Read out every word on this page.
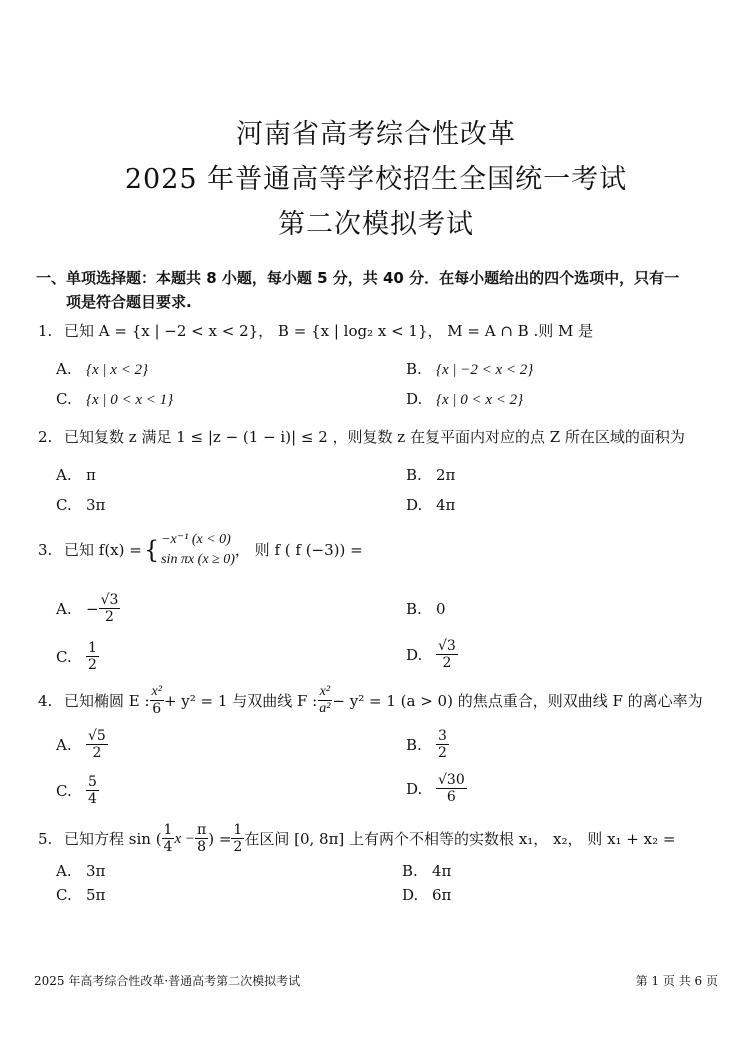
河南省高考综合性改革
2025 年普通高等学校招生全国统一考试
第二次模拟考试
一、单项选择题：本题共 8 小题，每小题 5 分，共 40 分．在每小题给出的四个选项中，只有一
项是符合题目要求.
1. 已知 A = {x | −2 < x < 2}， B = {x | log₂ x < 1}， M = A ∩ B .则 M 是
A. {x | x < 2}	B. {x | −2 < x < 2}
C. {x | 0 < x < 1}	D. {x | 0 < x < 2}
2. 已知复数 z 满足 1 ≤ |z − (1 − i)| ≤ 2 ，则复数 z 在复平面内对应的点 Z 所在区域的面积为
A. π	B. 2π
C. 3π	D. 4π
3. 已知 f(x) = { −x⁻¹ (x < 0)
sin πx (x ≥ 0)
， 则 f ( f (−3)) =
A. − $\frac{√3}{2}$	B. 0
C.	$\frac{1}{2}$	D. $\frac{√3}{2}$
4. 已知椭圆 E : $\frac{\text{x²}}{6} + y^2 = 1$ 与双曲线 F : $\frac{\text{x²}}{\text{a²}} - y^2 = 1$ (a > 0) 的焦点重合，则双曲线 F 的离心率为
A.	$\frac{√5}{2}$	B.	$\frac{3}{2}$
C.	$\frac{5}{4}$	D. $\frac{√30}{6}$
5. 已知方程 sin ( $\frac{1}{4}$ $x - \frac{\pi}{8}$ ) = $\frac{1}{2}$ 在区间 [0, 8π] 上有两个不相等的实数根 x₁， x₂， 则 x₁ + x₂ =
A. 3π	B. 4π
C. 5π	D. 6π
2025 年高考综合性改革·普通高考第二次模拟考试	第 1 页 共 6 页
